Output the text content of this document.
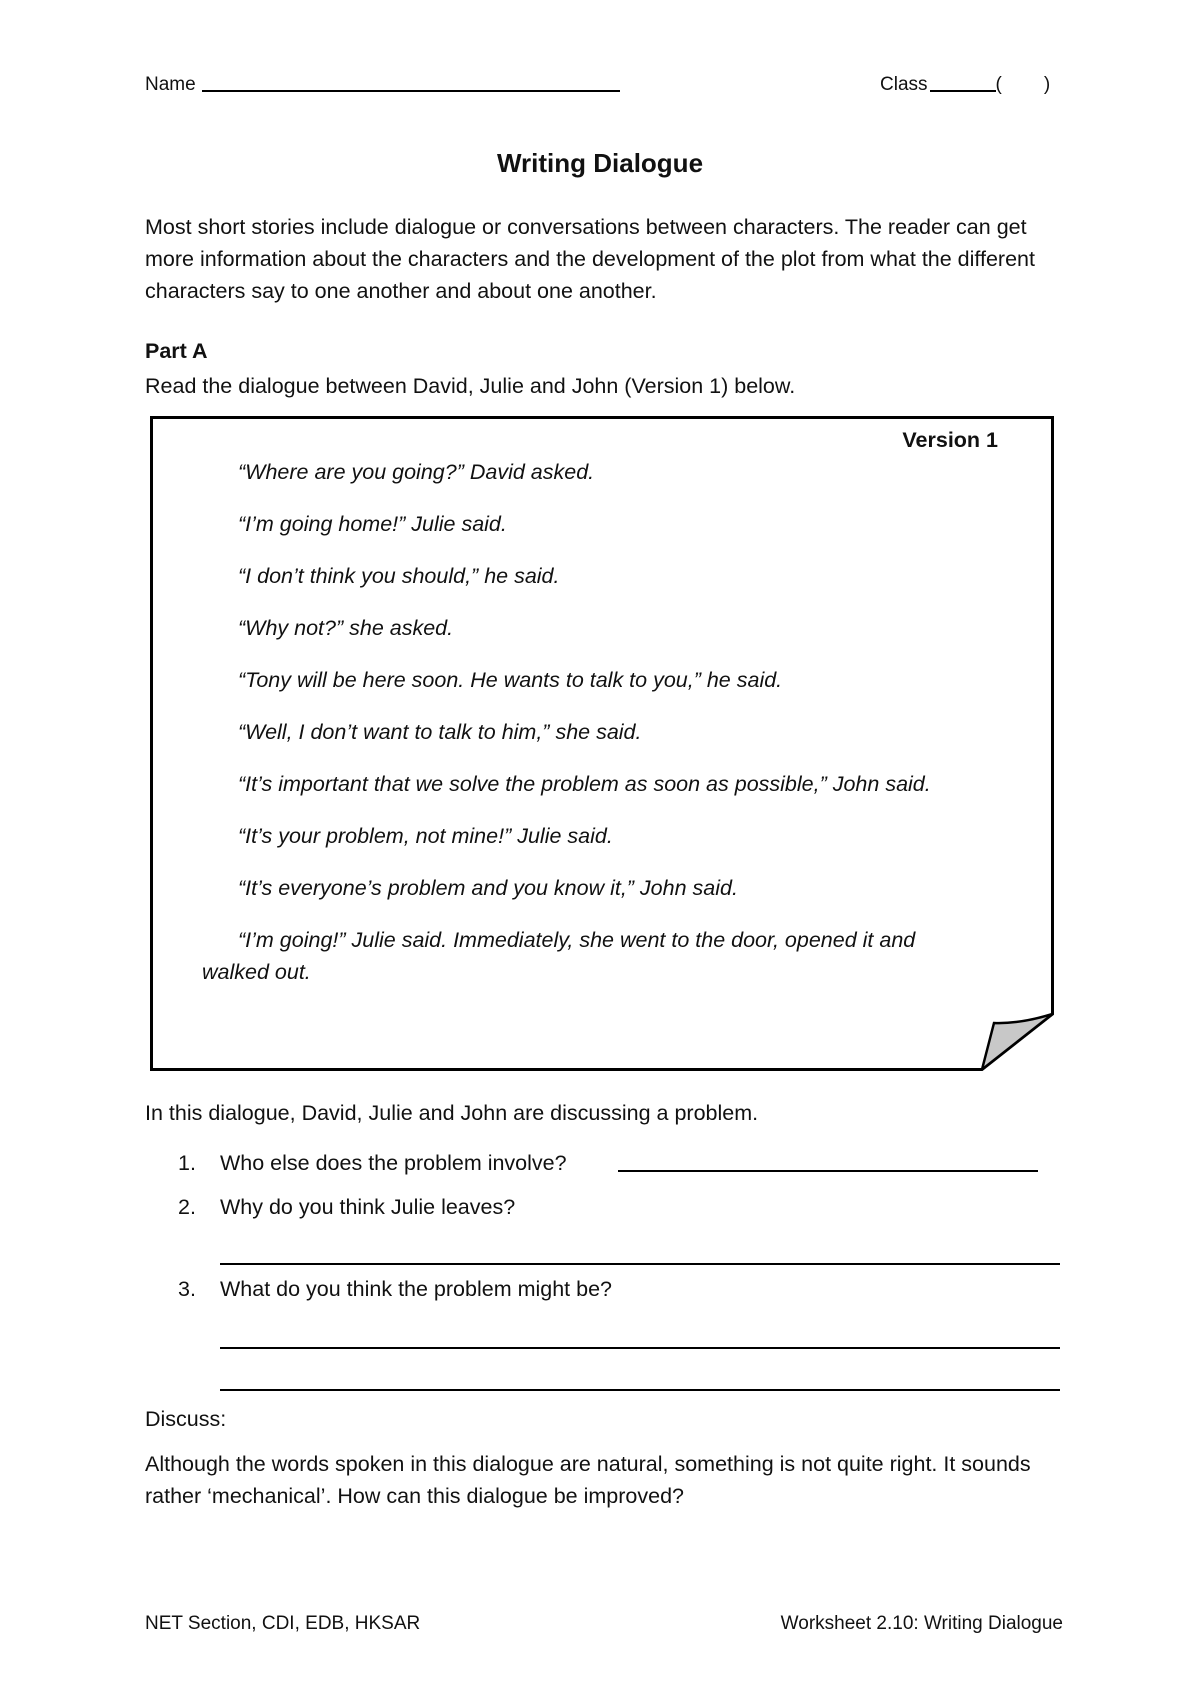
Name	Class	( )
Writing Dialogue
Most short stories include dialogue or conversations between characters. The reader can get more information about the characters and the development of the plot from what the different characters say to one another and about one another.
Part A
Read the dialogue between David, Julie and John (Version 1) below.
Version 1

“Where are you going?” David asked.

“I’m going home!” Julie said.

“I don’t think you should,” he said.

“Why not?” she asked.

“Tony will be here soon. He wants to talk to you,” he said.

“Well, I don’t want to talk to him,” she said.

“It’s important that we solve the problem as soon as possible,” John said.

“It’s your problem, not mine!” Julie said.

“It’s everyone’s problem and you know it,” John said.

“I’m going!” Julie said. Immediately, she went to the door, opened it and walked out.

In this dialogue, David, Julie and John are discussing a problem.
1.	Who else does the problem involve?
2.	Why do you think Julie leaves?
3.	What do you think the problem might be?
Discuss:
Although the words spoken in this dialogue are natural, something is not quite right. It sounds rather ‘mechanical’. How can this dialogue be improved?
NET Section, CDI, EDB, HKSAR	Worksheet 2.10: Writing Dialogue
